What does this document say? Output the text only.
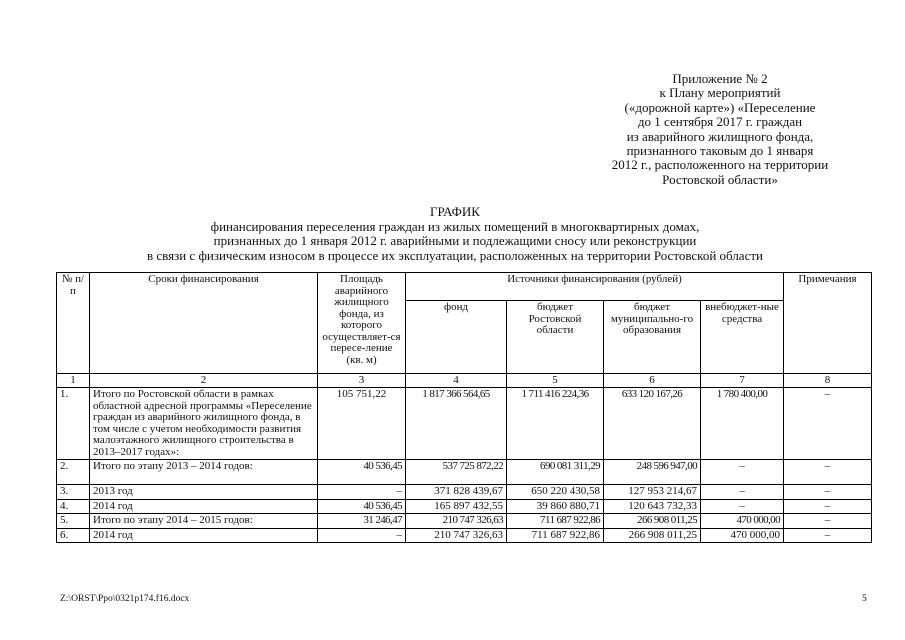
Приложение № 2
к Плану мероприятий
(«дорожной карте») «Переселение
до 1 сентября 2017 г. граждан
из аварийного жилищного фонда,
признанного таковым до 1 января
2012 г., расположенного на территории
Ростовской области»
ГРАФИК
финансирования переселения граждан из жилых помещений в многоквартирных домах,
признанных до 1 января 2012 г. аварийными и подлежащими сносу или реконструкции
в связи с физическим износом в процессе их эксплуатации, расположенных на территории Ростовской области
№ п/п	Сроки финансирования	Площадь аварийного жилищного фонда, из которого осуществляет-ся пересе-ление (кв. м)	Источники финансирования (рублей)				Примечания
			фонд	бюджет Ростовской области	бюджет муниципально-го образования	внебюджет-ные средства	
1	2	3	4	5	6	7	8
1.	Итого по Ростовской области в рамках областной адресной программы «Переселение граждан из аварийного жилищного фонда, в том числе с учетом необходимости развития малоэтажного жилищного строительства в 2013–2017 годах»:	105 751,22	1 817 366 564,65	1 711 416 224,36	633 120 167,26	1 780 400,00	–
2.	Итого по этапу 2013 – 2014 годов:	40 536,45	537 725 872,22	690 081 311,29	248 596 947,00	–	–
3.	2013 год	–	371 828 439,67	650 220 430,58	127 953 214,67	–	–
4.	2014 год	40 536,45	165 897 432,55	39 860 880,71	120 643 732,33	–	–
5.	Итого по этапу 2014 – 2015 годов:	31 246,47	210 747 326,63	711 687 922,86	266 908 011,25	470 000,00	–
6.	2014 год	–	210 747 326,63	711 687 922,86	266 908 011,25	470 000,00	–
Z:\ORST\Ppo\0321p174.f16.docx	5
